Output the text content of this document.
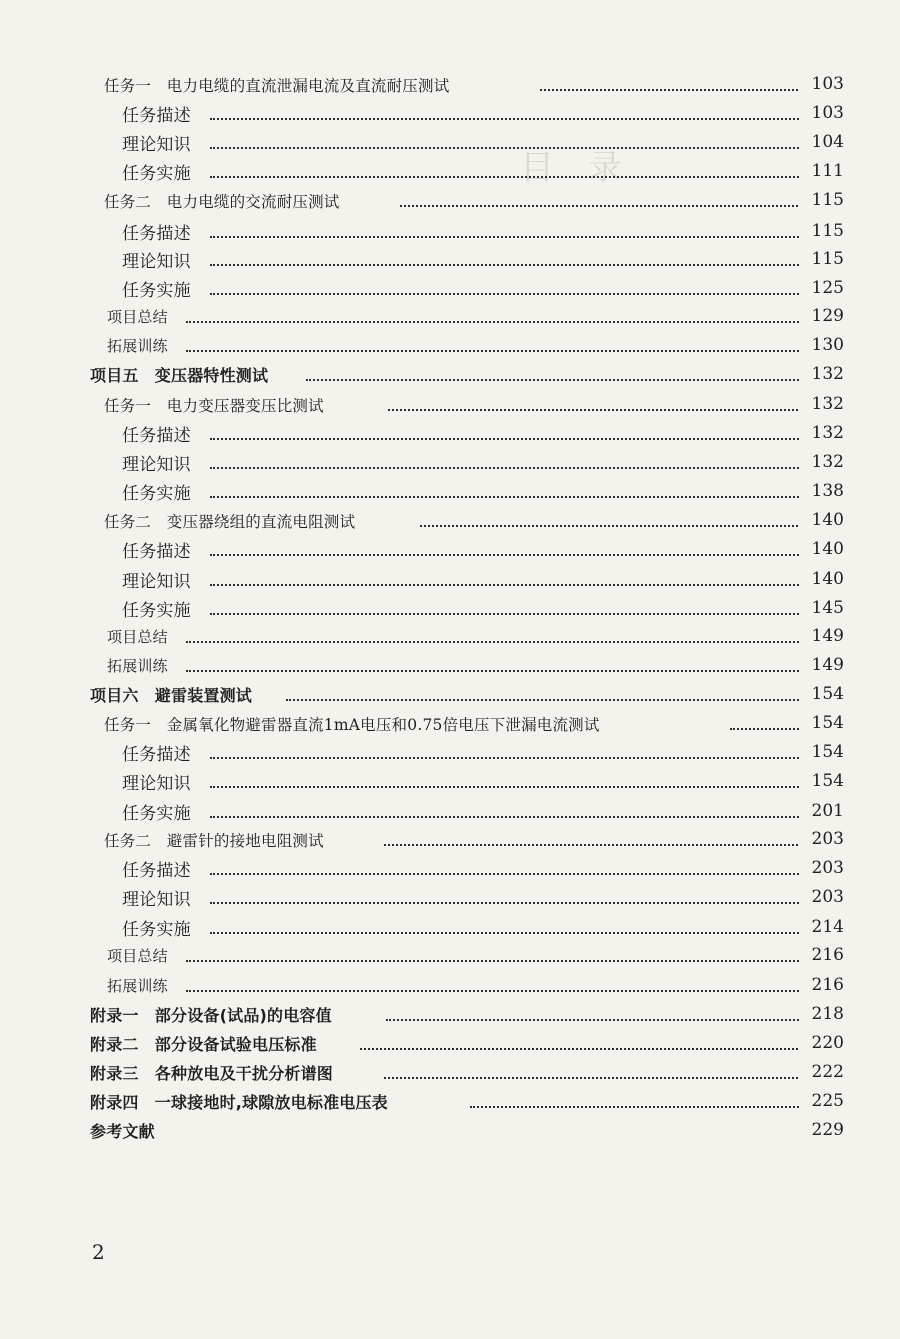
目　录
任务一　电力电缆的直流泄漏电流及直流耐压测试	103
任务描述	103
理论知识	104
任务实施	111
任务二　电力电缆的交流耐压测试	115
任务描述	115
理论知识	115
任务实施	125
项目总结	129
拓展训练	130
项目五　变压器特性测试	132
任务一　电力变压器变压比测试	132
任务描述	132
理论知识	132
任务实施	138
任务二　变压器绕组的直流电阻测试	140
任务描述	140
理论知识	140
任务实施	145
项目总结	149
拓展训练	149
项目六　避雷装置测试	154
任务一　金属氧化物避雷器直流1mA电压和0.75倍电压下泄漏电流测试	154
任务描述	154
理论知识	154
任务实施	201
任务二　避雷针的接地电阻测试	203
任务描述	203
理论知识	203
任务实施	214
项目总结	216
拓展训练	216
附录一　部分设备(试品)的电容值	218
附录二　部分设备试验电压标准	220
附录三　各种放电及干扰分析谱图	222
附录四　一球接地时,球隙放电标准电压表	225
参考文献	229
2
